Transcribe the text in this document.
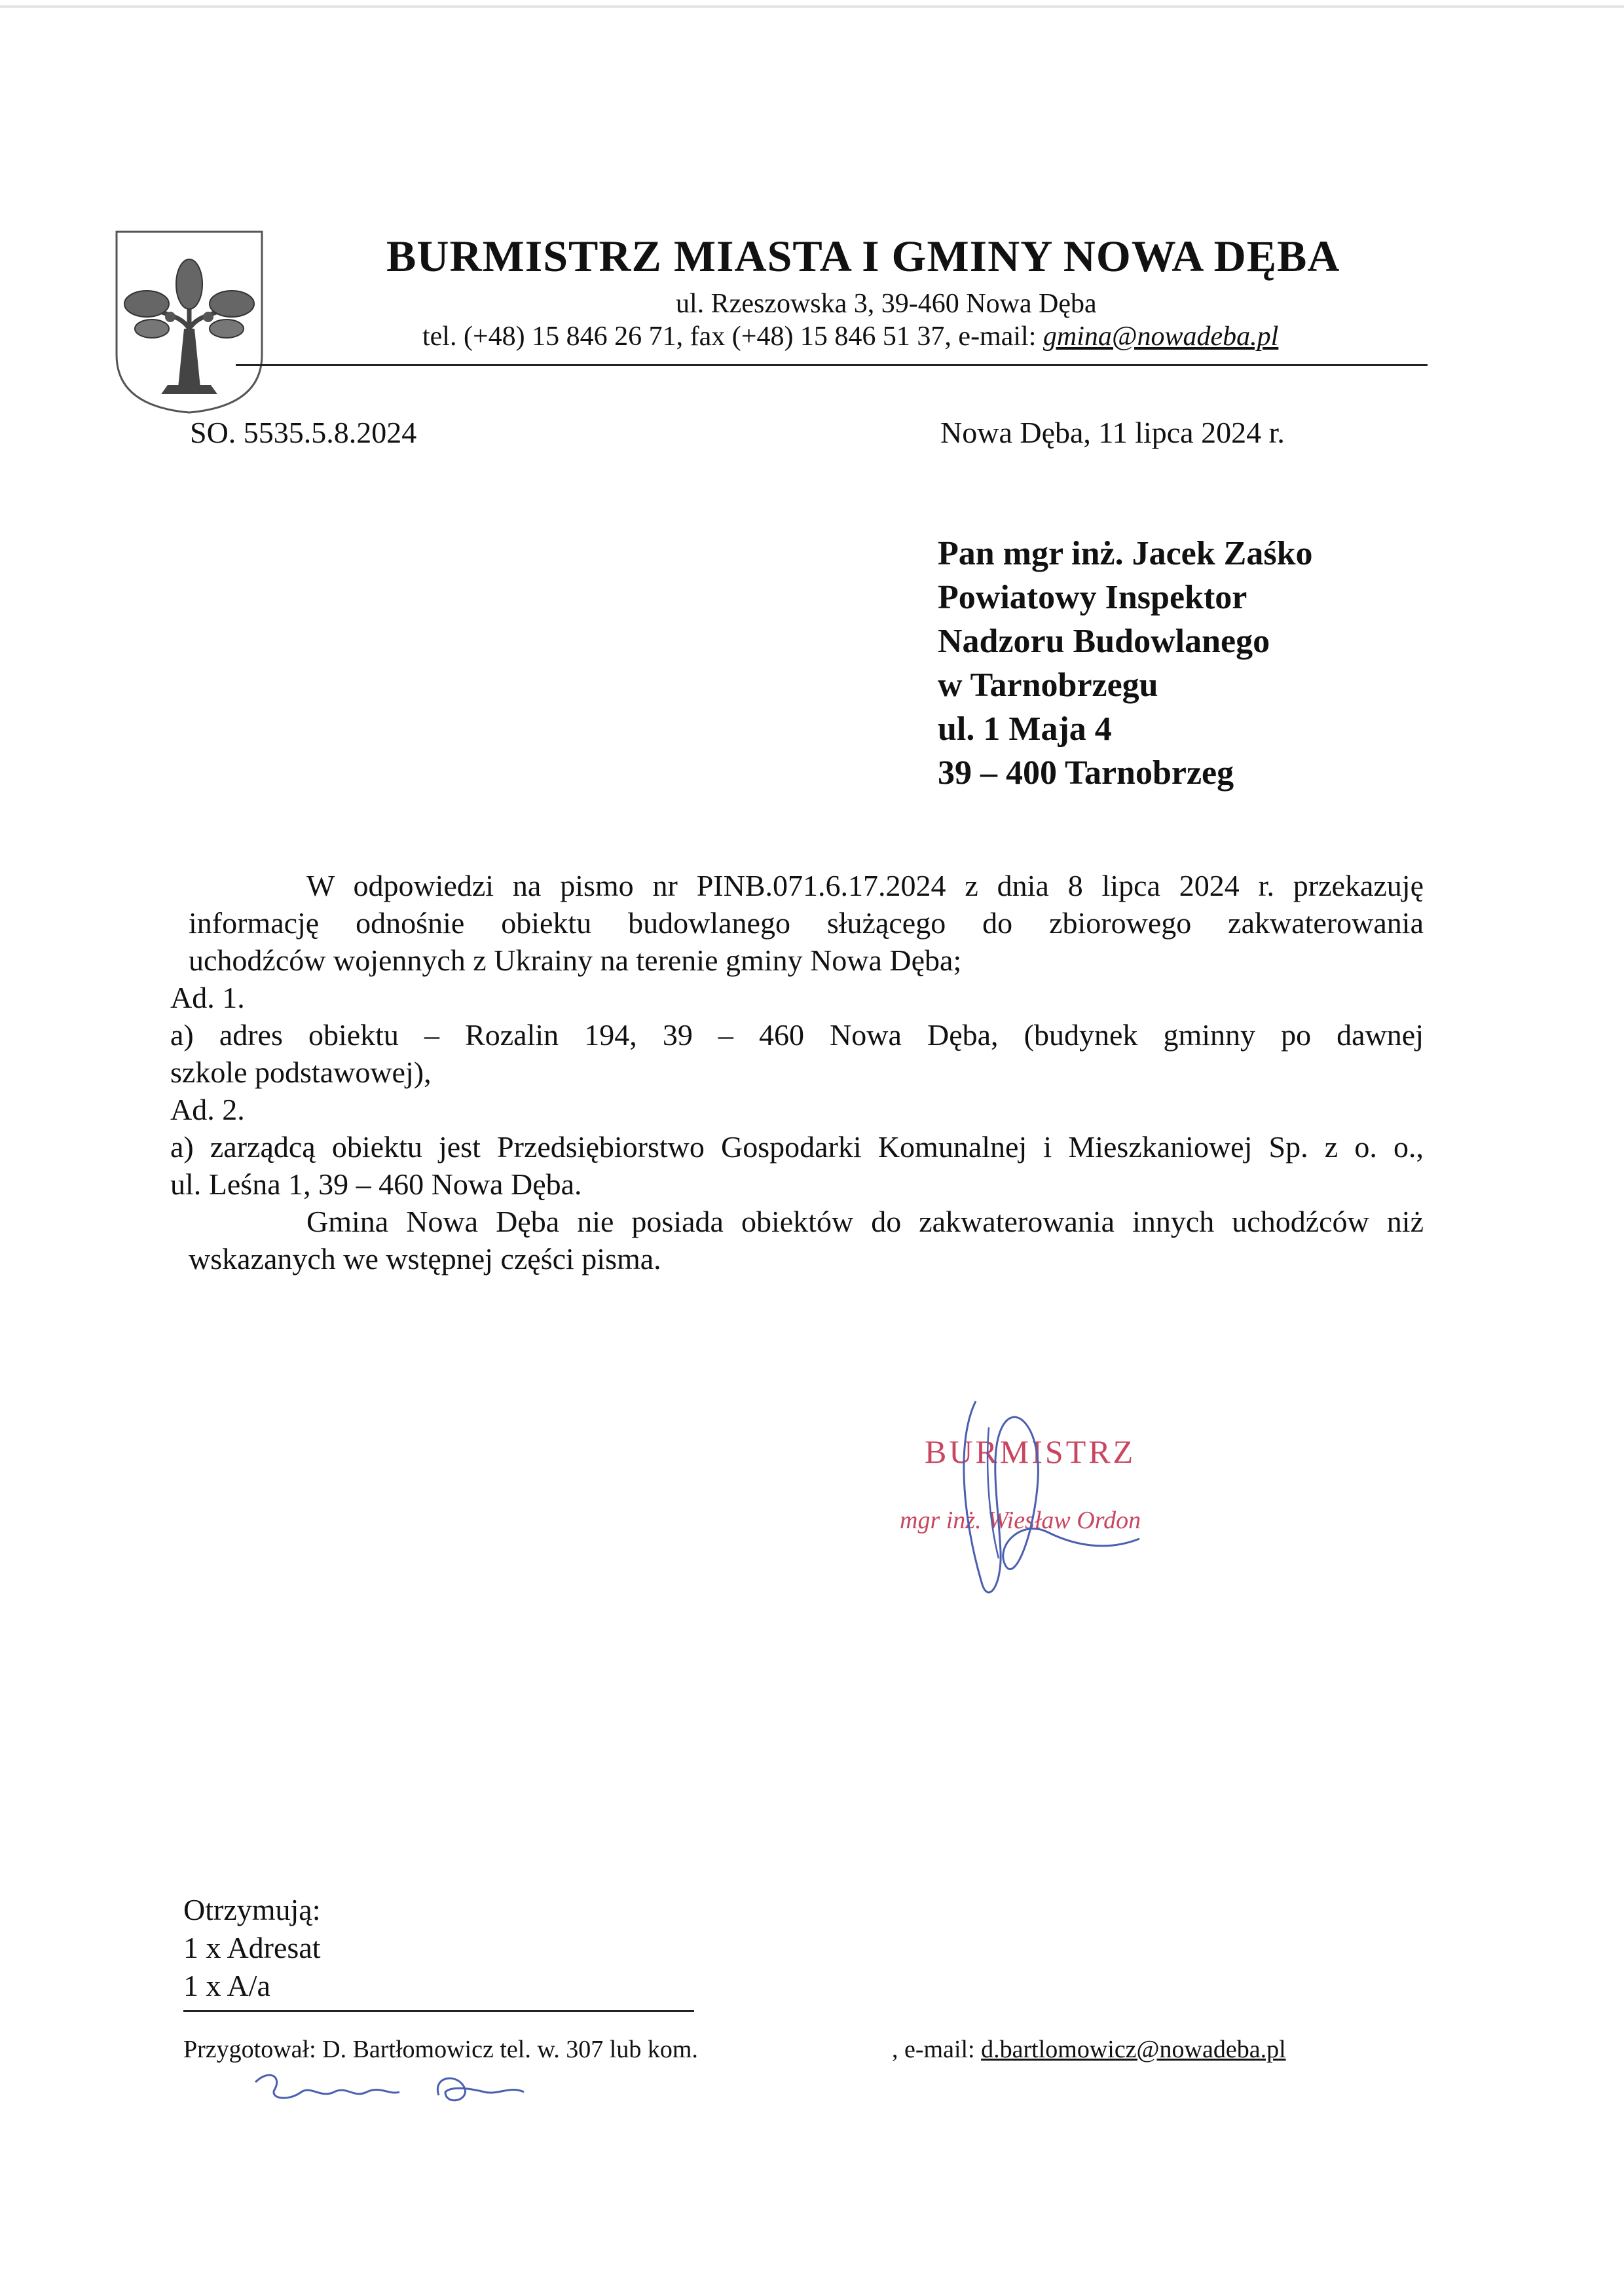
BURMISTRZ MIASTA I GMINY NOWA DĘBA
ul. Rzeszowska 3, 39-460 Nowa Dęba
tel. (+48) 15 846 26 71, fax (+48) 15 846 51 37, e-mail: gmina@nowadeba.pl
SO. 5535.5.8.2024	Nowa Dęba, 11 lipca 2024 r.
Pan mgr inż. Jacek Zaśko
Powiatowy Inspektor
Nadzoru Budowlanego
w Tarnobrzegu
ul. 1 Maja 4
39 – 400 Tarnobrzeg

W odpowiedzi na pismo nr PINB.071.6.17.2024 z dnia 8 lipca 2024 r. przekazuję

informację odnośnie obiektu budowlanego służącego do zbiorowego zakwaterowania

uchodźców wojennych z Ukrainy na terenie gminy Nowa Dęba;

Ad. 1.

a) adres obiektu – Rozalin 194, 39 – 460 Nowa Dęba, (budynek gminny po dawnej

szkole podstawowej),

Ad. 2.

a) zarządcą obiektu jest Przedsiębiorstwo Gospodarki Komunalnej i Mieszkaniowej Sp. z o. o.,

ul. Leśna 1, 39 – 460 Nowa Dęba.

Gmina Nowa Dęba nie posiada obiektów do zakwaterowania innych uchodźców niż

wskazanych we wstępnej części pisma.

BURMISTRZ
mgr inż. Wiesław Ordon
Otrzymują:
1 x Adresat
1 x A/a
Przygotował: D. Bartłomowicz tel. w. 307 lub kom.	, e-mail: d.bartlomowicz@nowadeba.pl
